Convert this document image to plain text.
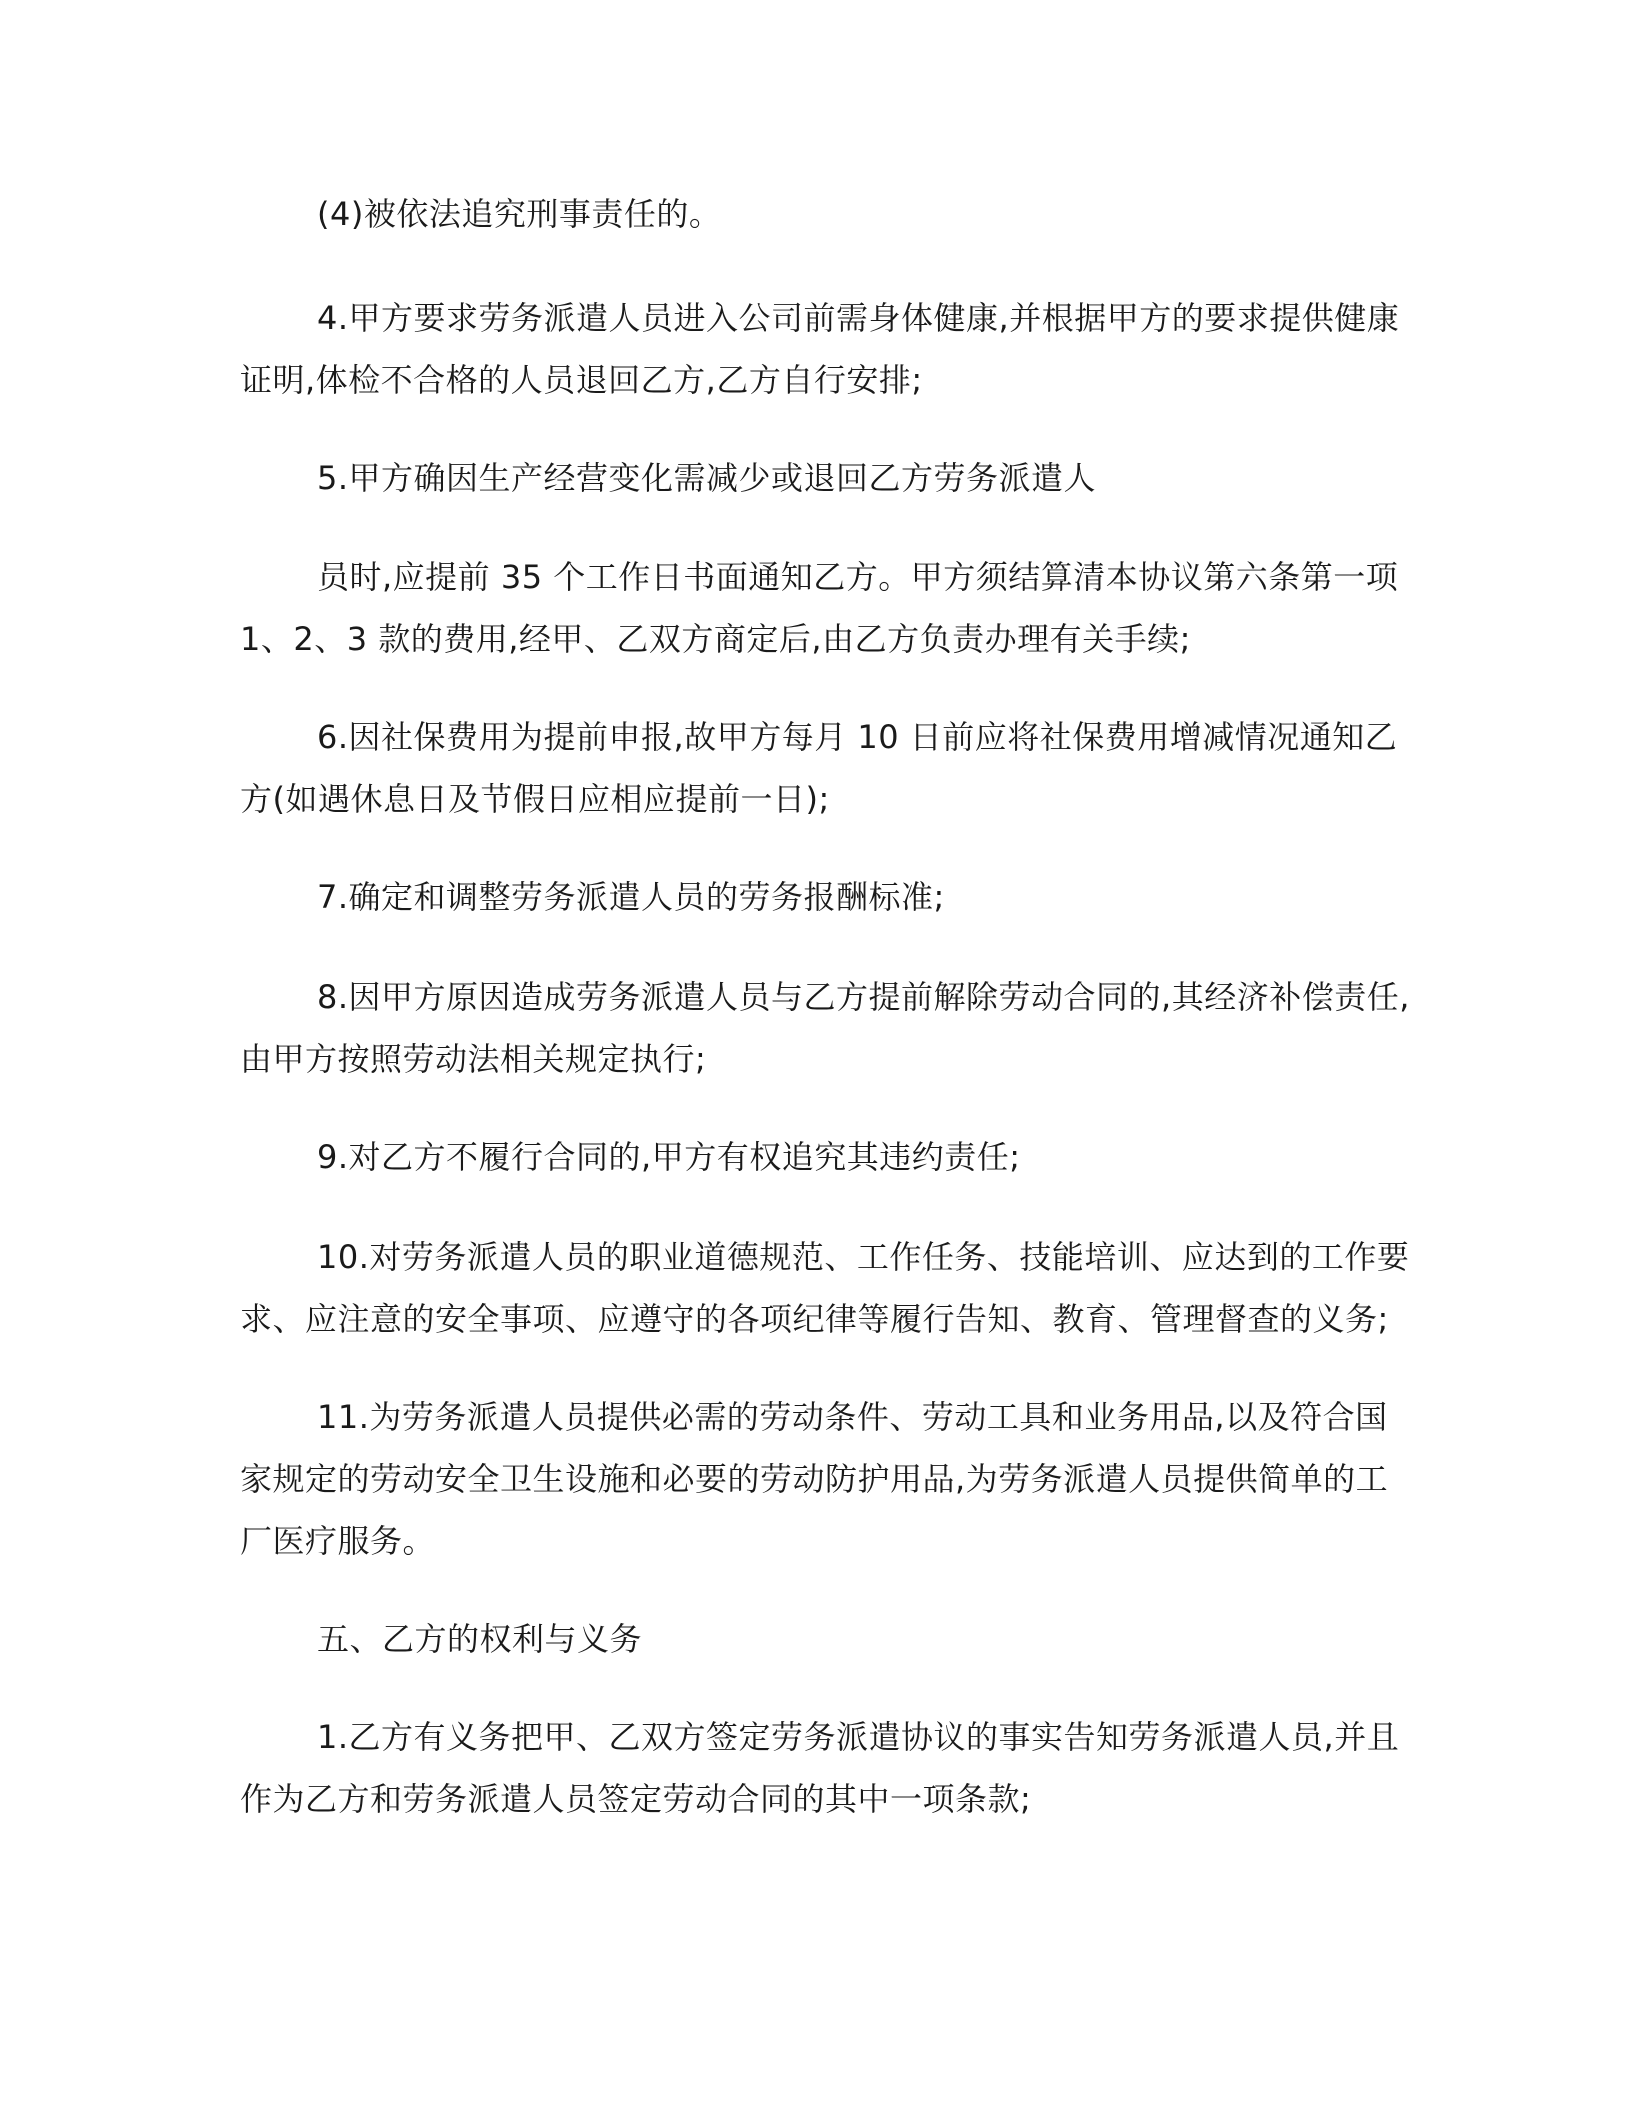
(4)被依法追究刑事责任的。
4.甲方要求劳务派遣人员进入公司前需身体健康,并根据甲方的要求提供健康
证明,体检不合格的人员退回乙方,乙方自行安排;
5.甲方确因生产经营变化需减少或退回乙方劳务派遣人
员时,应提前 35 个工作日书面通知乙方。甲方须结算清本协议第六条第一项
1、2、3 款的费用,经甲、乙双方商定后,由乙方负责办理有关手续;
6.因社保费用为提前申报,故甲方每月 10 日前应将社保费用增减情况通知乙
方(如遇休息日及节假日应相应提前一日);
7.确定和调整劳务派遣人员的劳务报酬标准;
8.因甲方原因造成劳务派遣人员与乙方提前解除劳动合同的,其经济补偿责任,
由甲方按照劳动法相关规定执行;
9.对乙方不履行合同的,甲方有权追究其违约责任;
10.对劳务派遣人员的职业道德规范、工作任务、技能培训、应达到的工作要
求、应注意的安全事项、应遵守的各项纪律等履行告知、教育、管理督查的义务;
11.为劳务派遣人员提供必需的劳动条件、劳动工具和业务用品,以及符合国
家规定的劳动安全卫生设施和必要的劳动防护用品,为劳务派遣人员提供简单的工
厂医疗服务。
五、乙方的权利与义务
1.乙方有义务把甲、乙双方签定劳务派遣协议的事实告知劳务派遣人员,并且
作为乙方和劳务派遣人员签定劳动合同的其中一项条款;
